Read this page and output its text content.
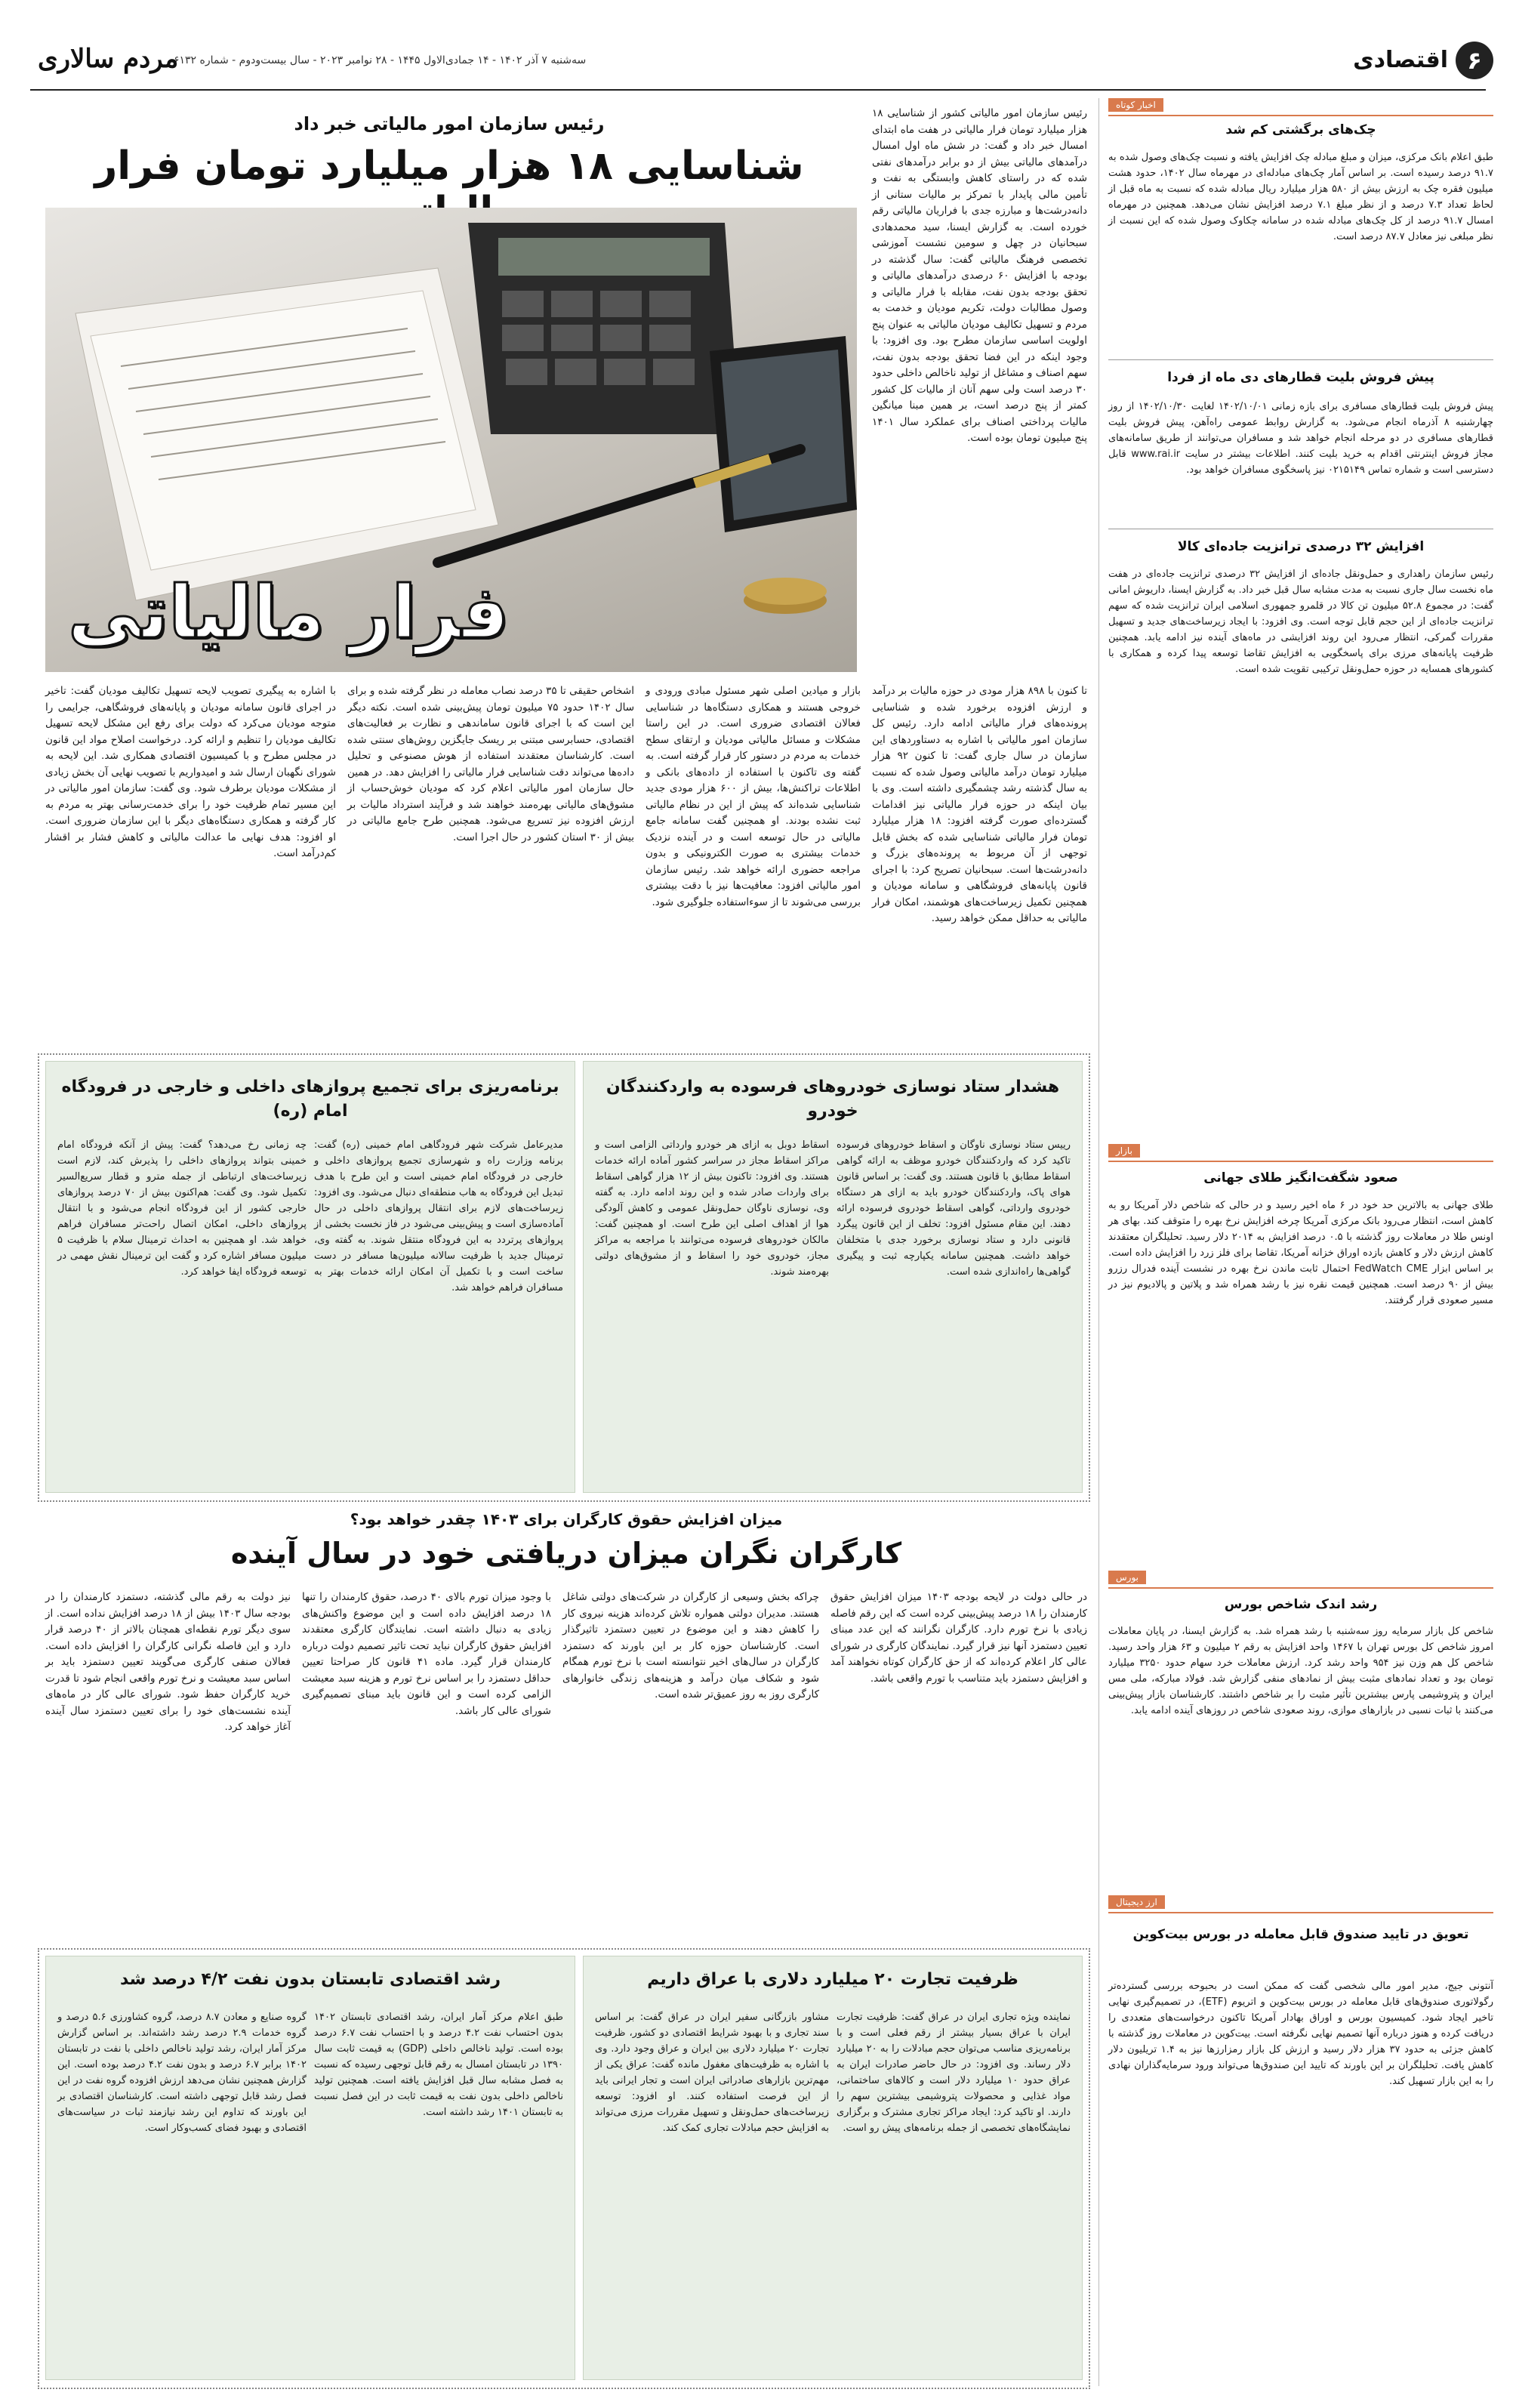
اقتصادی ۶
سه‌شنبه ۷ آذر ۱۴۰۲ - ۱۴ جمادی‌الاول ۱۴۴۵ - ۲۸ نوامبر ۲۰۲۳ - سال بیست‌ودوم - شماره ۶۱۳۲
مردم سالاری
اخبار کوتاه
چک‌های برگشتی کم شد

طبق اعلام بانک مرکزی، میزان و مبلغ مبادله چک افزایش یافته و نسبت چک‌های وصول شده به ۹۱.۷ درصد رسیده است. بر اساس آمار چک‌های مبادله‌ای در مهرماه سال ۱۴۰۲، حدود هشت میلیون فقره چک به ارزش بیش از ۵۸۰ هزار میلیارد ریال مبادله شده که نسبت به ماه قبل از لحاظ تعداد ۷.۳ درصد و از نظر مبلغ ۷.۱ درصد افزایش نشان می‌دهد. همچنین در مهرماه امسال ۹۱.۷ درصد از کل چک‌های مبادله شده در سامانه چکاوک وصول شده که این نسبت از نظر مبلغی نیز معادل ۸۷.۷ درصد است.

پیش فروش بلیت قطارهای دی ماه از فردا

پیش فروش بلیت قطارهای مسافری برای بازه زمانی ۱۴۰۲/۱۰/۰۱ لغایت ۱۴۰۲/۱۰/۳۰ از روز چهارشنبه ۸ آذرماه انجام می‌شود. به گزارش روابط عمومی راه‌آهن، پیش فروش بلیت قطارهای مسافری در دو مرحله انجام خواهد شد و مسافران می‌توانند از طریق سامانه‌های مجاز فروش اینترنتی اقدام به خرید بلیت کنند. اطلاعات بیشتر در سایت www.rai.ir قابل دسترسی است و شماره تماس ۰۲۱۵۱۴۹ نیز پاسخگوی مسافران خواهد بود.

افزایش ۳۲ درصدی ترانزیت جاده‌ای کالا

رئیس سازمان راهداری و حمل‌ونقل جاده‌ای از افزایش ۳۲ درصدی ترانزیت جاده‌ای در هفت ماه نخست سال جاری نسبت به مدت مشابه سال قبل خبر داد. به گزارش ایسنا، داریوش امانی گفت: در مجموع ۵۲.۸ میلیون تن کالا در قلمرو جمهوری اسلامی ایران ترانزیت شده که سهم ترانزیت جاده‌ای از این حجم قابل توجه است. وی افزود: با ایجاد زیرساخت‌های جدید و تسهیل مقررات گمرکی، انتظار می‌رود این روند افزایشی در ماه‌های آینده نیز ادامه یابد. همچنین ظرفیت پایانه‌های مرزی برای پاسخگویی به افزایش تقاضا توسعه پیدا کرده و همکاری با کشورهای همسایه در حوزه حمل‌ونقل ترکیبی تقویت شده است.

بازار
صعود شگفت‌انگیز طلای جهانی

طلای جهانی به بالاترین حد خود در ۶ ماه اخیر رسید و در حالی که شاخص دلار آمریکا رو به کاهش است، انتظار می‌رود بانک مرکزی آمریکا چرخه افزایش نرخ بهره را متوقف کند. بهای هر اونس طلا در معاملات روز گذشته با ۰.۵ درصد افزایش به ۲۰۱۴ دلار رسید. تحلیلگران معتقدند کاهش ارزش دلار و کاهش بازده اوراق خزانه آمریکا، تقاضا برای فلز زرد را افزایش داده است. بر اساس ابزار FedWatch CME احتمال ثابت ماندن نرخ بهره در نشست آینده فدرال رزرو بیش از ۹۰ درصد است. همچنین قیمت نقره نیز با رشد همراه شد و پلاتین و پالادیوم نیز در مسیر صعودی قرار گرفتند.

بورس
رشد اندک شاخص بورس

شاخص کل بازار سرمایه روز سه‌شنبه با رشد همراه شد. به گزارش ایسنا، در پایان معاملات امروز شاخص کل بورس تهران با ۱۴۶۷ واحد افزایش به رقم ۲ میلیون و ۶۳ هزار واحد رسید. شاخص کل هم وزن نیز ۹۵۴ واحد رشد کرد. ارزش معاملات خرد سهام حدود ۳۲۵۰ میلیارد تومان بود و تعداد نمادهای مثبت بیش از نمادهای منفی گزارش شد. فولاد مبارکه، ملی مس ایران و پتروشیمی پارس بیشترین تأثیر مثبت را بر شاخص داشتند. کارشناسان بازار پیش‌بینی می‌کنند با ثبات نسبی در بازارهای موازی، روند صعودی شاخص در روزهای آینده ادامه یابد.

ارز دیجیتال
تعویق در تایید صندوق قابل معامله در بورس بیت‌کوین

آنتونی جیج، مدیر امور مالی شخصی گفت که ممکن است در بحبوحه بررسی گسترده‌تر رگولاتوری صندوق‌های قابل معامله در بورس بیت‌کوین و اتریوم (ETF)، در تصمیم‌گیری نهایی تاخیر ایجاد شود. کمیسیون بورس و اوراق بهادار آمریکا تاکنون درخواست‌های متعددی را دریافت کرده و هنوز درباره آنها تصمیم نهایی نگرفته است. بیت‌کوین در معاملات روز گذشته با کاهش جزئی به حدود ۳۷ هزار دلار رسید و ارزش کل بازار رمزارزها نیز به ۱.۴ تریلیون دلار کاهش یافت. تحلیلگران بر این باورند که تایید این صندوق‌ها می‌تواند ورود سرمایه‌گذاران نهادی را به این بازار تسهیل کند.

رئیس سازمان امور مالیاتی خبر داد
شناسایی ۱۸ هزار میلیارد تومان فرار

رئیس سازمان امور مالیاتی کشور از شناسایی ۱۸ هزار میلیارد تومان فرار مالیاتی در هفت ماه ابتدای امسال خبر داد و گفت: در شش ماه اول امسال درآمدهای مالیاتی بیش از دو برابر درآمدهای نفتی شده که در راستای کاهش وابستگی به نفت و تأمین مالی پایدار با تمرکز بر مالیات ستانی از دانه‌درشت‌ها و مبارزه جدی با فراریان مالیاتی رقم خورده است. به گزارش ایسنا، سید محمدهادی سبحانیان در چهل و سومین نشست آموزشی تخصصی فرهنگ مالیاتی گفت: سال گذشته در بودجه با افزایش ۶۰ درصدی درآمدهای مالیاتی و تحقق بودجه بدون نفت، مقابله با فرار مالیاتی و وصول مطالبات دولت، تکریم مودیان و خدمت به مردم و تسهیل تکالیف مودیان مالیاتی به عنوان پنج اولویت اساسی سازمان مطرح بود. وی افزود: با وجود اینکه در این فضا تحقق بودجه بدون نفت، سهم اصناف و مشاغل از تولید ناخالص داخلی حدود ۳۰ درصد است ولی سهم آنان از مالیات کل کشور کمتر از پنج درصد است، بر همین مبنا میانگین مالیات پرداختی اصناف برای عملکرد سال ۱۴۰۱ پنج میلیون تومان بوده است.

فرار مالیاتی

تا کنون با ۸۹۸ هزار مودی در حوزه مالیات بر درآمد و ارزش افزوده برخورد شده و شناسایی پرونده‌های فرار مالیاتی ادامه دارد. رئیس کل سازمان امور مالیاتی با اشاره به دستاوردهای این سازمان در سال جاری گفت: تا کنون ۹۲ هزار میلیارد تومان درآمد مالیاتی وصول شده که نسبت به سال گذشته رشد چشمگیری داشته است. وی با بیان اینکه در حوزه فرار مالیاتی نیز اقدامات گسترده‌ای صورت گرفته افزود: ۱۸ هزار میلیارد تومان فرار مالیاتی شناسایی شده که بخش قابل توجهی از آن مربوط به پرونده‌های بزرگ و دانه‌درشت‌ها است. سبحانیان تصریح کرد: با اجرای قانون پایانه‌های فروشگاهی و سامانه مودیان و همچنین تکمیل زیرساخت‌های هوشمند، امکان فرار مالیاتی به حداقل ممکن خواهد رسید.

بازار و میادین اصلی شهر مسئول مبادی ورودی و خروجی هستند و همکاری دستگاه‌ها در شناسایی فعالان اقتصادی ضروری است. در این راستا مشکلات و مسائل مالیاتی مودیان و ارتقای سطح خدمات به مردم در دستور کار قرار گرفته است. به گفته وی تاکنون با استفاده از داده‌های بانکی و اطلاعات تراکنش‌ها، بیش از ۶۰۰ هزار مودی جدید شناسایی شده‌اند که پیش از این در نظام مالیاتی ثبت نشده بودند. او همچنین گفت سامانه جامع مالیاتی در حال توسعه است و در آینده نزدیک خدمات بیشتری به صورت الکترونیکی و بدون مراجعه حضوری ارائه خواهد شد. رئیس سازمان امور مالیاتی افزود: معافیت‌ها نیز با دقت بیشتری بررسی می‌شوند تا از سوءاستفاده جلوگیری شود.

اشخاص حقیقی تا ۳۵ درصد نصاب معامله در نظر گرفته شده و برای سال ۱۴۰۲ حدود ۷۵ میلیون تومان پیش‌بینی شده است. نکته دیگر این است که با اجرای قانون ساماندهی و نظارت بر فعالیت‌های اقتصادی، حسابرسی مبتنی بر ریسک جایگزین روش‌های سنتی شده است. کارشناسان معتقدند استفاده از هوش مصنوعی و تحلیل داده‌ها می‌تواند دقت شناسایی فرار مالیاتی را افزایش دهد. در همین حال سازمان امور مالیاتی اعلام کرد که مودیان خوش‌حساب از مشوق‌های مالیاتی بهره‌مند خواهند شد و فرآیند استرداد مالیات بر ارزش افزوده نیز تسریع می‌شود. همچنین طرح جامع مالیاتی در بیش از ۳۰ استان کشور در حال اجرا است.

با اشاره به پیگیری تصویب لایحه تسهیل تکالیف مودیان گفت: تاخیر در اجرای قانون سامانه مودیان و پایانه‌های فروشگاهی، جرایمی را متوجه مودیان می‌کرد که دولت برای رفع این مشکل لایحه تسهیل تکالیف مودیان را تنظیم و ارائه کرد. درخواست اصلاح مواد این قانون در مجلس مطرح و با کمیسیون اقتصادی همکاری شد. این لایحه به شورای نگهبان ارسال شد و امیدواریم با تصویب نهایی آن بخش زیادی از مشکلات مودیان برطرف شود. وی گفت: سازمان امور مالیاتی در این مسیر تمام ظرفیت خود را برای خدمت‌رسانی بهتر به مردم به کار گرفته و همکاری دستگاه‌های دیگر با این سازمان ضروری است. او افزود: هدف نهایی ما عدالت مالیاتی و کاهش فشار بر اقشار کم‌درآمد است.

هشدار ستاد نوسازی خودروهای فرسوده به واردکنندگان خودرو

رییس ستاد نوسازی ناوگان و اسقاط خودروهای فرسوده تاکید کرد که واردکنندگان خودرو موظف به ارائه گواهی اسقاط مطابق با قانون هستند. وی گفت: بر اساس قانون هوای پاک، واردکنندگان خودرو باید به ازای هر دستگاه خودروی وارداتی، گواهی اسقاط خودروی فرسوده ارائه دهند. این مقام مسئول افزود: تخلف از این قانون پیگرد قانونی دارد و ستاد نوسازی برخورد جدی با متخلفان خواهد داشت. همچنین سامانه یکپارچه ثبت و پیگیری گواهی‌ها راه‌اندازی شده است.

اسقاط دوبل به ازای هر خودرو وارداتی الزامی است و مراکز اسقاط مجاز در سراسر کشور آماده ارائه خدمات هستند. وی افزود: تاکنون بیش از ۱۲ هزار گواهی اسقاط برای واردات صادر شده و این روند ادامه دارد. به گفته وی، نوسازی ناوگان حمل‌ونقل عمومی و کاهش آلودگی هوا از اهداف اصلی این طرح است. او همچنین گفت: مالکان خودروهای فرسوده می‌توانند با مراجعه به مراکز مجاز، خودروی خود را اسقاط و از مشوق‌های دولتی بهره‌مند شوند.

برنامه‌ریزی برای تجمیع پروازهای داخلی و خارجی در فرودگاه امام (ره)

مدیرعامل شرکت شهر فرودگاهی امام خمینی (ره) گفت: برنامه وزارت راه و شهرسازی تجمیع پروازهای داخلی و خارجی در فرودگاه امام خمینی است و این طرح با هدف تبدیل این فرودگاه به هاب منطقه‌ای دنبال می‌شود. وی افزود: زیرساخت‌های لازم برای انتقال پروازهای داخلی در حال آماده‌سازی است و پیش‌بینی می‌شود در فاز نخست بخشی از پروازهای پرتردد به این فرودگاه منتقل شوند. به گفته وی، ترمینال جدید با ظرفیت سالانه میلیون‌ها مسافر در دست ساخت است و با تکمیل آن امکان ارائه خدمات بهتر به مسافران فراهم خواهد شد.

چه زمانی رخ می‌دهد؟ گفت: پیش از آنکه فرودگاه امام خمینی بتواند پروازهای داخلی را پذیرش کند، لازم است زیرساخت‌های ارتباطی از جمله مترو و قطار سریع‌السیر تکمیل شود. وی گفت: هم‌اکنون بیش از ۷۰ درصد پروازهای خارجی کشور از این فرودگاه انجام می‌شود و با انتقال پروازهای داخلی، امکان اتصال راحت‌تر مسافران فراهم خواهد شد. او همچنین به احداث ترمینال سلام با ظرفیت ۵ میلیون مسافر اشاره کرد و گفت این ترمینال نقش مهمی در توسعه فرودگاه ایفا خواهد کرد.

میزان افزایش حقوق کارگران برای ۱۴۰۳ چقدر خواهد بود؟
کارگران نگران میزان دریافتی خود در سال آینده

در حالی دولت در لایحه بودجه ۱۴۰۳ میزان افزایش حقوق کارمندان را ۱۸ درصد پیش‌بینی کرده است که این رقم فاصله زیادی با نرخ تورم دارد. کارگران نگرانند که این عدد مبنای تعیین دستمزد آنها نیز قرار گیرد. نمایندگان کارگری در شورای عالی کار اعلام کرده‌اند که از حق کارگران کوتاه نخواهند آمد و افزایش دستمزد باید متناسب با تورم واقعی باشد.

چراکه بخش وسیعی از کارگران در شرکت‌های دولتی شاغل هستند. مدیران دولتی همواره تلاش کرده‌اند هزینه نیروی کار را کاهش دهند و این موضوع در تعیین دستمزد تاثیرگذار است. کارشناسان حوزه کار بر این باورند که دستمزد کارگران در سال‌های اخیر نتوانسته است با نرخ تورم همگام شود و شکاف میان درآمد و هزینه‌های زندگی خانوارهای کارگری روز به روز عمیق‌تر شده است.

با وجود میزان تورم بالای ۴۰ درصد، حقوق کارمندان را تنها ۱۸ درصد افزایش داده است و این موضوع واکنش‌های زیادی به دنبال داشته است. نمایندگان کارگری معتقدند افزایش حقوق کارگران نباید تحت تاثیر تصمیم دولت درباره کارمندان قرار گیرد. ماده ۴۱ قانون کار صراحتا تعیین حداقل دستمزد را بر اساس نرخ تورم و هزینه سبد معیشت الزامی کرده است و این قانون باید مبنای تصمیم‌گیری شورای عالی کار باشد.

نیز دولت به رقم مالی گذشته، دستمزد کارمندان را در بودجه سال ۱۴۰۳ بیش از ۱۸ درصد افزایش نداده است. از سوی دیگر تورم نقطه‌ای همچنان بالاتر از ۴۰ درصد قرار دارد و این فاصله نگرانی کارگران را افزایش داده است. فعالان صنفی کارگری می‌گویند تعیین دستمزد باید بر اساس سبد معیشت و نرخ تورم واقعی انجام شود تا قدرت خرید کارگران حفظ شود. شورای عالی کار در ماه‌های آینده نشست‌های خود را برای تعیین دستمزد سال آینده آغاز خواهد کرد.

ظرفیت تجارت ۲۰ میلیارد دلاری با عراق داریم

نماینده ویژه تجاری ایران در عراق گفت: ظرفیت تجارت ایران با عراق بسیار بیشتر از رقم فعلی است و با برنامه‌ریزی مناسب می‌توان حجم مبادلات را به ۲۰ میلیارد دلار رساند. وی افزود: در حال حاضر صادرات ایران به عراق حدود ۱۰ میلیارد دلار است و کالاهای ساختمانی، مواد غذایی و محصولات پتروشیمی بیشترین سهم را دارند. او تاکید کرد: ایجاد مراکز تجاری مشترک و برگزاری نمایشگاه‌های تخصصی از جمله برنامه‌های پیش رو است.

مشاور بازرگانی سفیر ایران در عراق گفت: بر اساس سند تجاری و با بهبود شرایط اقتصادی دو کشور، ظرفیت تجارت ۲۰ میلیارد دلاری بین ایران و عراق وجود دارد. وی با اشاره به ظرفیت‌های مغفول مانده گفت: عراق یکی از مهم‌ترین بازارهای صادراتی ایران است و تجار ایرانی باید از این فرصت استفاده کنند. او افزود: توسعه زیرساخت‌های حمل‌ونقل و تسهیل مقررات مرزی می‌تواند به افزایش حجم مبادلات تجاری کمک کند.

رشد اقتصادی تابستان بدون نفت ۴/۲ درصد شد

طبق اعلام مرکز آمار ایران، رشد اقتصادی تابستان ۱۴۰۲ بدون احتساب نفت ۴.۲ درصد و با احتساب نفت ۶.۷ درصد بوده است. تولید ناخالص داخلی (GDP) به قیمت ثابت سال ۱۳۹۰ در تابستان امسال به رقم قابل توجهی رسیده که نسبت به فصل مشابه سال قبل افزایش یافته است. همچنین تولید ناخالص داخلی بدون نفت به قیمت ثابت در این فصل نسبت به تابستان ۱۴۰۱ رشد داشته است.

گروه صنایع و معادن ۸.۷ درصد، گروه کشاورزی ۵.۶ درصد و گروه خدمات ۲.۹ درصد رشد داشته‌اند. بر اساس گزارش مرکز آمار ایران، رشد تولید ناخالص داخلی با نفت در تابستان ۱۴۰۲ برابر ۶.۷ درصد و بدون نفت ۴.۲ درصد بوده است. این گزارش همچنین نشان می‌دهد ارزش افزوده گروه نفت در این فصل رشد قابل توجهی داشته است. کارشناسان اقتصادی بر این باورند که تداوم این رشد نیازمند ثبات در سیاست‌های اقتصادی و بهبود فضای کسب‌وکار است.
